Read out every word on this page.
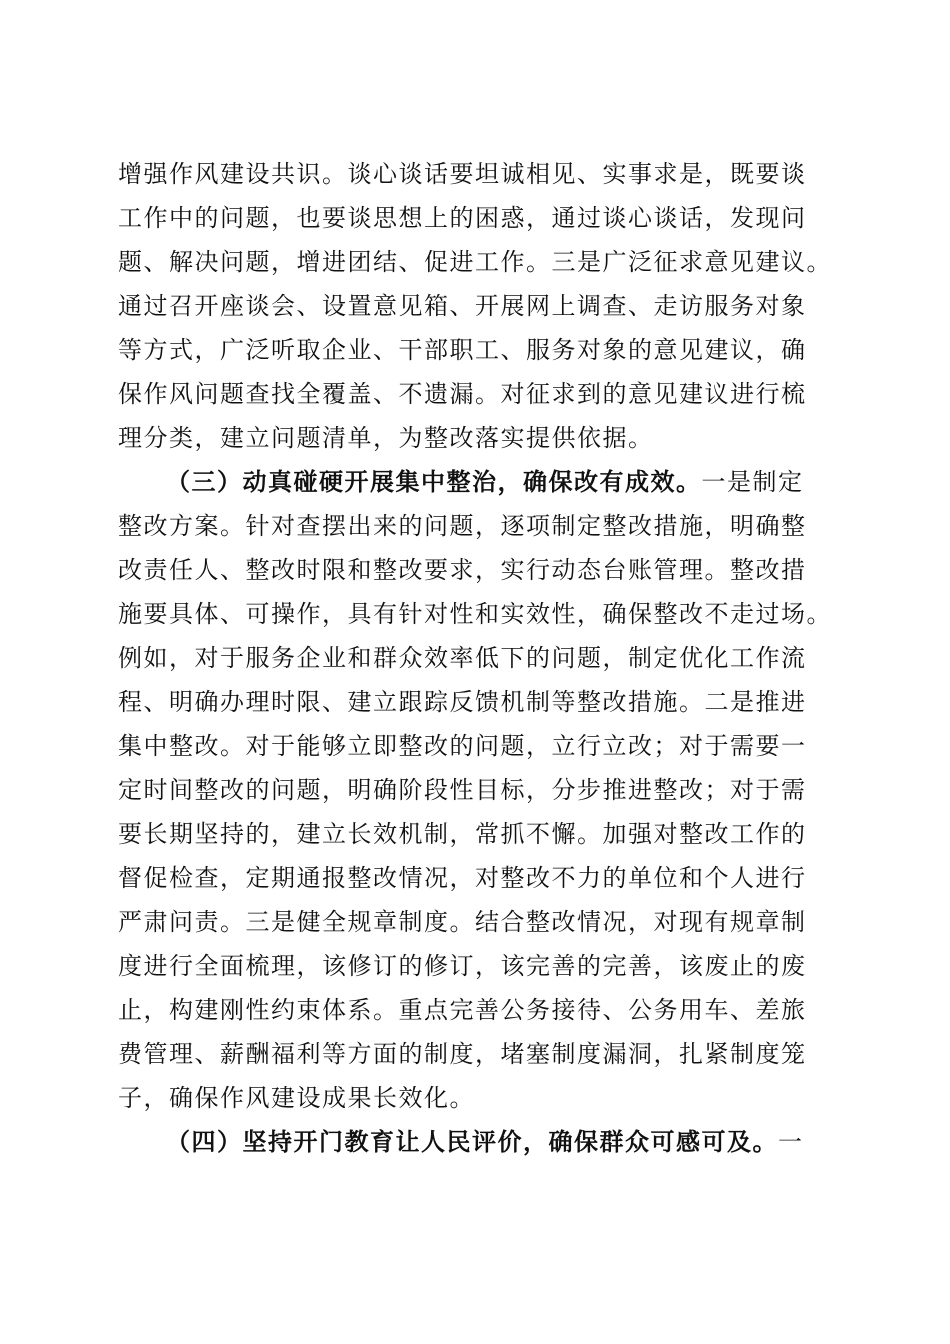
增强作风建设共识。谈心谈话要坦诚相见、实事求是，既要谈
工作中的问题，也要谈思想上的困惑，通过谈心谈话，发现问
题、解决问题，增进团结、促进工作。三是广泛征求意见建议。
通过召开座谈会、设置意见箱、开展网上调查、走访服务对象
等方式，广泛听取企业、干部职工、服务对象的意见建议，确
保作风问题查找全覆盖、不遗漏。对征求到的意见建议进行梳
理分类，建立问题清单，为整改落实提供依据。
（三）动真碰硬开展集中整治，确保改有成效。一是制定
整改方案。针对查摆出来的问题，逐项制定整改措施，明确整
改责任人、整改时限和整改要求，实行动态台账管理。整改措
施要具体、可操作，具有针对性和实效性，确保整改不走过场。
例如，对于服务企业和群众效率低下的问题，制定优化工作流
程、明确办理时限、建立跟踪反馈机制等整改措施。二是推进
集中整改。对于能够立即整改的问题，立行立改；对于需要一
定时间整改的问题，明确阶段性目标，分步推进整改；对于需
要长期坚持的，建立长效机制，常抓不懈。加强对整改工作的
督促检查，定期通报整改情况，对整改不力的单位和个人进行
严肃问责。三是健全规章制度。结合整改情况，对现有规章制
度进行全面梳理，该修订的修订，该完善的完善，该废止的废
止，构建刚性约束体系。重点完善公务接待、公务用车、差旅
费管理、薪酬福利等方面的制度，堵塞制度漏洞，扎紧制度笼
子，确保作风建设成果长效化。
（四）坚持开门教育让人民评价，确保群众可感可及。一
